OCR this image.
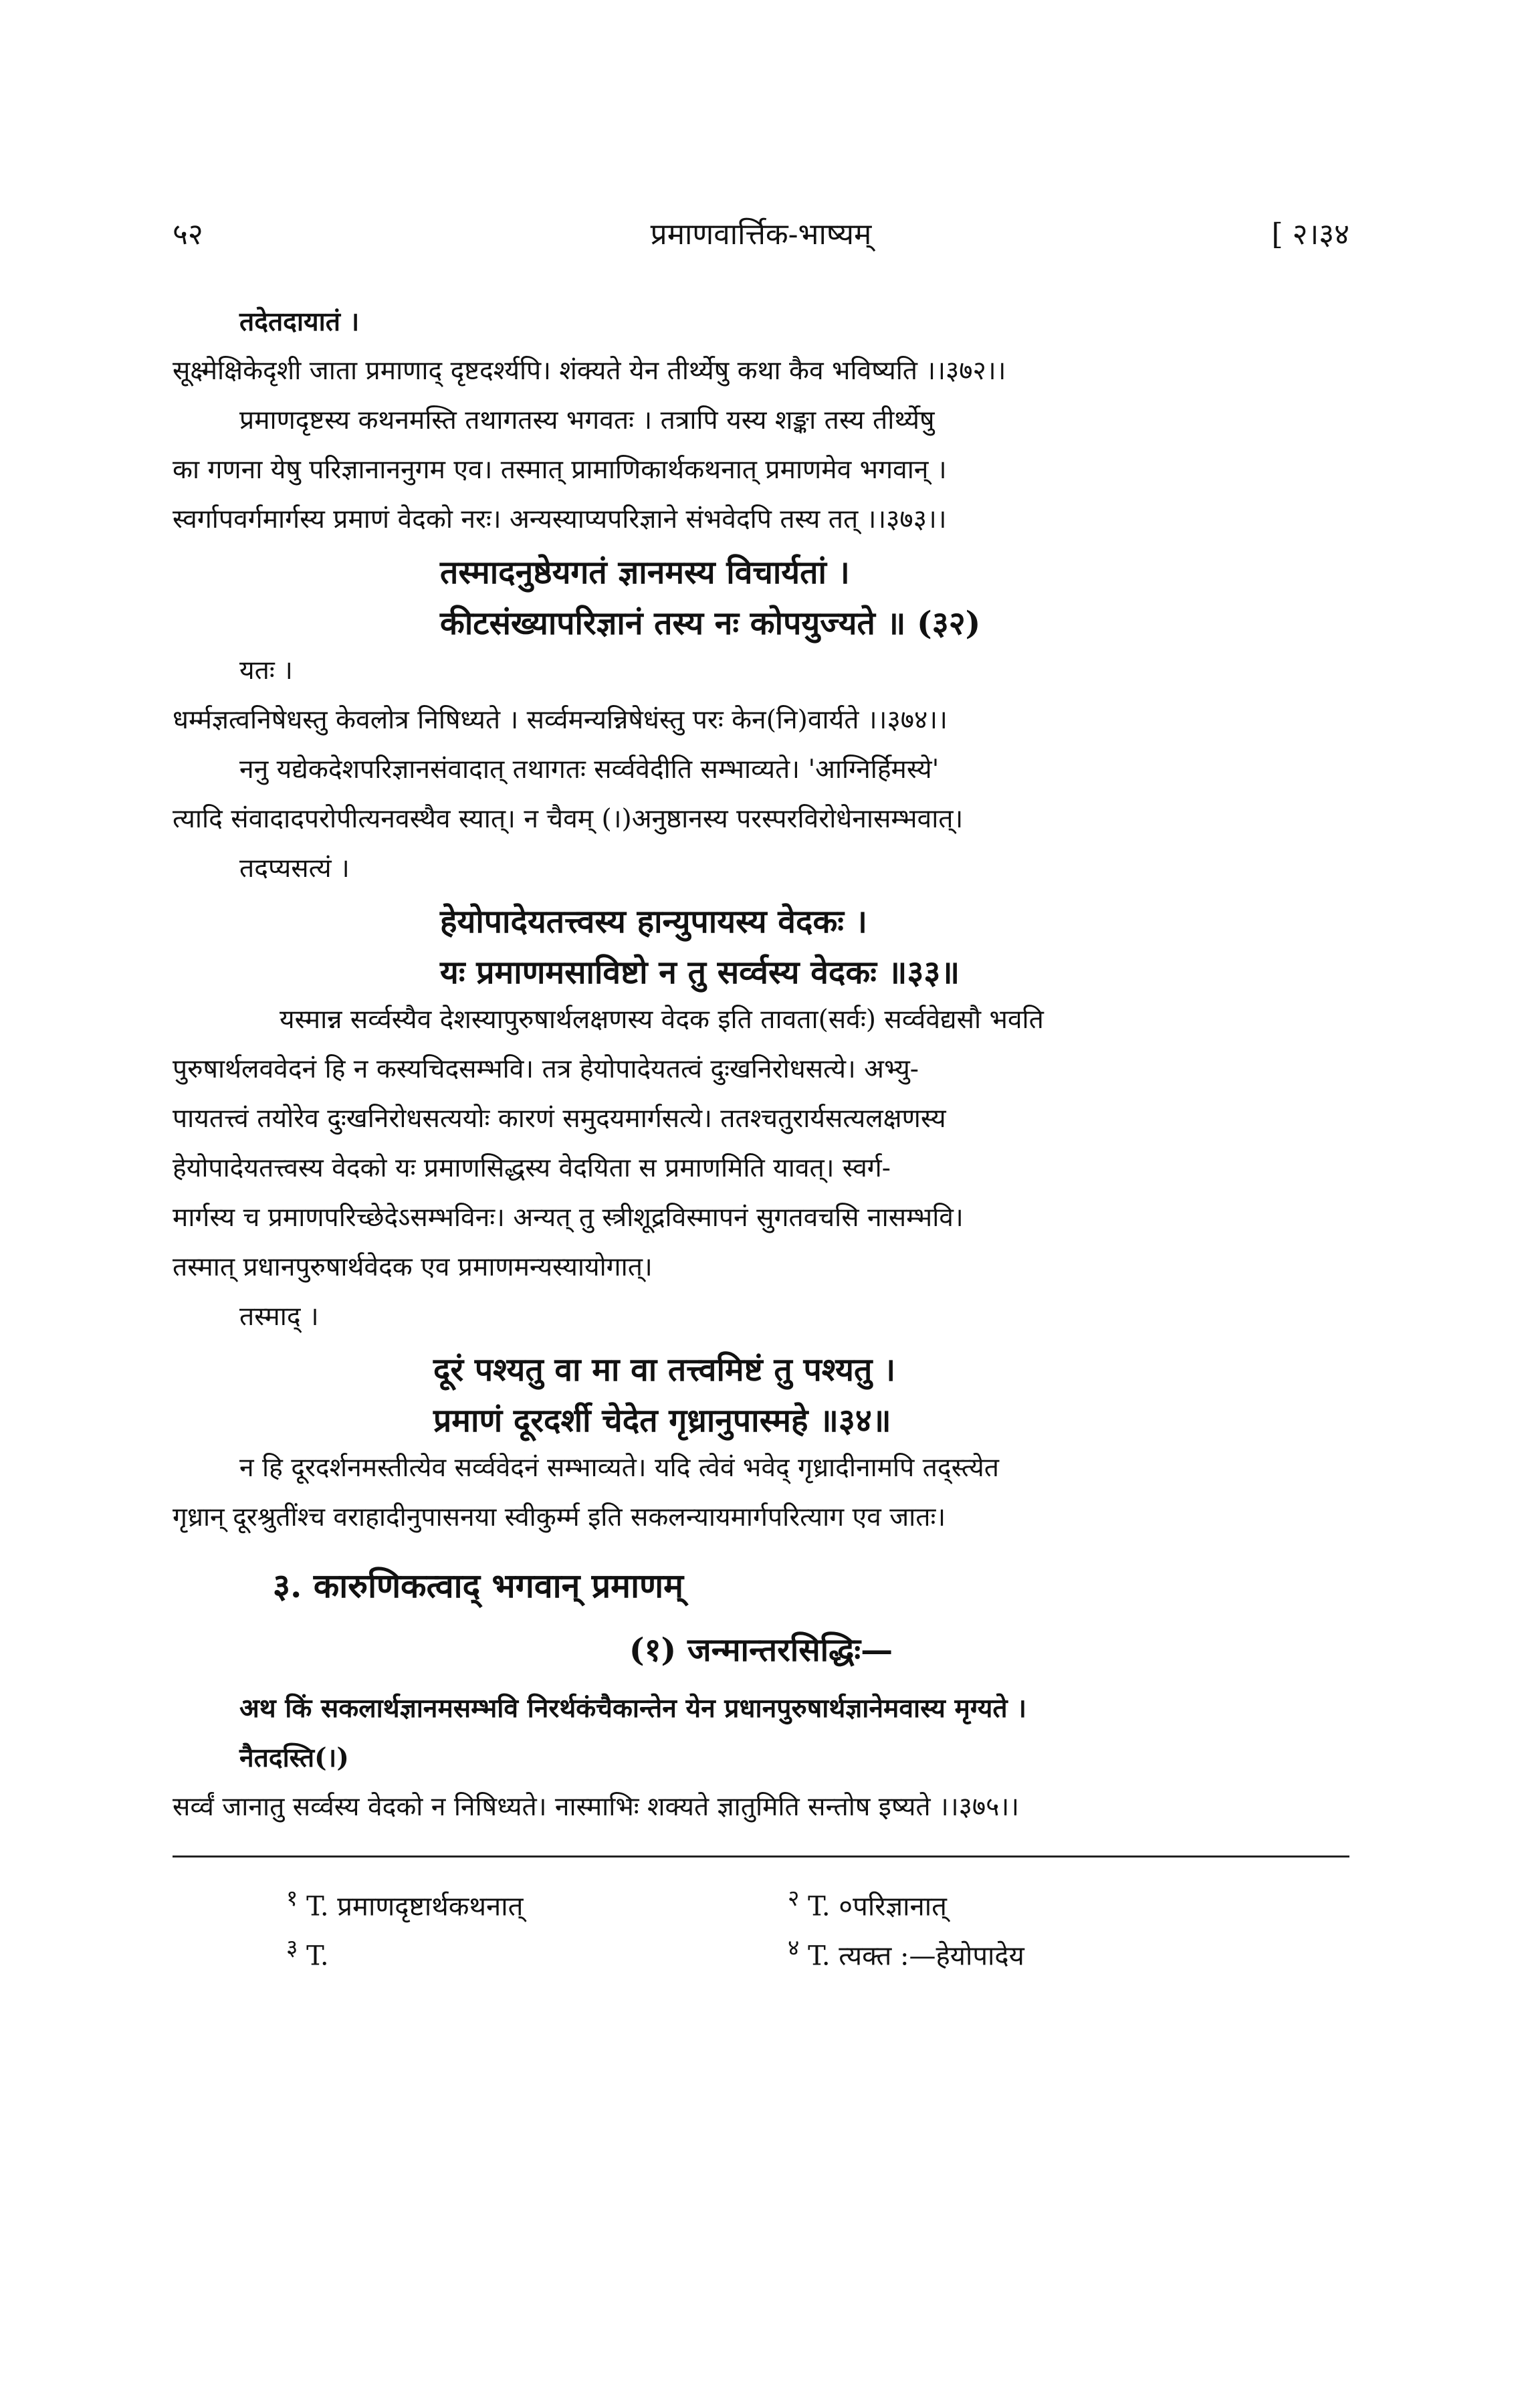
५२	प्रमाणवार्त्तिक-भाष्यम्	[ २।३४
तदेतदायातं ।
सूक्ष्मेक्षिकेदृशी जाता प्रमाणाद् दृष्टदर्श्यपि। शंक्यते येन तीर्थ्येषु कथा कैव भविष्यति ।।३७२।।
प्रमाणदृष्टस्य कथनमस्ति तथागतस्य भगवतः । तत्रापि यस्य शङ्का तस्य तीर्थ्येषु
का गणना येषु परिज्ञानाननुगम एव। तस्मात् प्रामाणिकार्थकथनात् प्रमाणमेव भगवान् ।
स्वर्गापवर्गमार्गस्य प्रमाणं वेदको नरः। अन्यस्याप्यपरिज्ञाने संभवेदपि तस्य तत् ।।३७३।।
तस्मादनुष्ठेयगतं ज्ञानमस्य विचार्यतां ।
कीटसंख्यापरिज्ञानं तस्य नः कोपयुज्यते ॥ (३२)
यतः ।
धर्म्मज्ञत्वनिषेधस्तु केवलोत्र निषिध्यते । सर्व्वमन्यन्निषेधंस्तु परः केन(नि)वार्यते ।।३७४।।
ननु यद्येकदेशपरिज्ञानसंवादात् तथागतः सर्व्ववेदीति सम्भाव्यते। 'आग्निर्हिमस्ये'
त्यादि संवादादपरोपीत्यनवस्थैव स्यात्। न चैवम् (।)अनुष्ठानस्य परस्परविरोधेनासम्भवात्।
तदप्यसत्यं ।
हेयोपादेयतत्त्वस्य हान्युपायस्य वेदकः ।
यः प्रमाणमसाविष्टो न तु सर्व्वस्य वेदकः ॥३३॥
यस्मान्न सर्व्वस्यैव देशस्यापुरुषार्थलक्षणस्य वेदक इति तावता(सर्वः) सर्व्ववेद्यसौ भवति
पुरुषार्थलववेदनं हि न कस्यचिदसम्भवि। तत्र हेयोपादेयतत्वं दुःखनिरोधसत्ये। अभ्यु-
पायतत्त्वं तयोरेव दुःखनिरोधसत्ययोः कारणं समुदयमार्गसत्ये। ततश्चतुरार्यसत्यलक्षणस्य
हेयोपादेयतत्त्वस्य वेदको यः प्रमाणसिद्धस्य वेदयिता स प्रमाणमिति यावत्। स्वर्ग-
मार्गस्य च प्रमाणपरिच्छेदेऽसम्भविनः। अन्यत् तु स्त्रीशूद्रविस्मापनं सुगतवचसि नासम्भवि।
तस्मात् प्रधानपुरुषार्थवेदक एव प्रमाणमन्यस्यायोगात्।
तस्माद् ।
दूरं पश्यतु वा मा वा तत्त्वमिष्टं तु पश्यतु ।
प्रमाणं दूरदर्शी चेदेत गृध्रानुपास्महे ॥३४॥
न हि दूरदर्शनमस्तीत्येव सर्व्ववेदनं सम्भाव्यते। यदि त्वेवं भवेद् गृध्रादीनामपि तद्स्त्येत
गृध्रान् दूरश्रुतींश्च वराहादीनुपासनया स्वीकुर्म्म इति सकलन्यायमार्गपरित्याग एव जातः।
३. कारुणिकत्वाद् भगवान् प्रमाणम्
(१) जन्मान्तरसिद्धिः—
अथ किं सकलार्थज्ञानमसम्भवि निरर्थकंचैकान्तेन येन प्रधानपुरुषार्थज्ञानेमवास्य मृग्यते ।
नैतदस्ति(।)
सर्व्वं जानातु सर्व्वस्य वेदको न निषिध्यते। नास्माभिः शक्यते ज्ञातुमिति सन्तोष इष्यते ।।३७५।।
$^१$ T. प्रमाणदृष्टार्थकथनात्	$^२$ T. ०परिज्ञानात्
$^३$ T.	$^४$ T. त्यक्त :—हेयोपादेय
